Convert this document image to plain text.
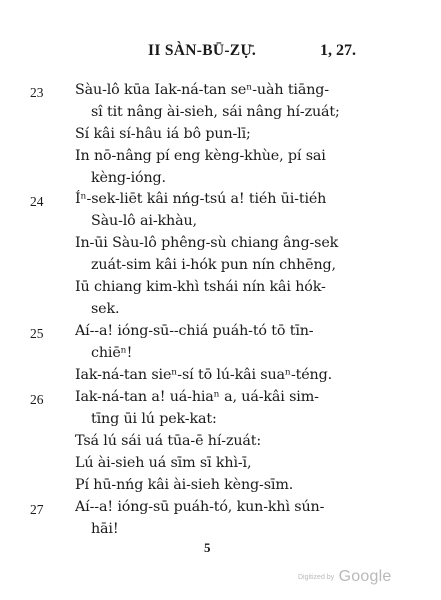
II SÀN-BŪ-ZỤ̄.	1, 27.
23 Sàu-lô kūa Iak-ná-tan seⁿ-uàh tiāng-
sî tit nâng ài-sieh, sái nâng hí-zuát;
Sí kâi sí-hâu iá bô pun-lī;
In nō-nâng pí eng kèng-khùe, pí sai
kèng-ióng.
24 Íⁿ-sek-liēt kâi nńg-tsú a! tiéh ūi-tiéh
Sàu-lô ai-khàu,
In-ūi Sàu-lô phêng-sù chiang âng-sek
zuát-sim kâi i-hók pun nín chhēng,
Iū chiang kim-khì tshái nín kâi hók-
sek.
25 Aí--a! ióng-sū--chiá puáh-tó tō tīn-
chiēⁿ!
Iak-ná-tan sieⁿ-sí tō lú-kâi suaⁿ-téng.
26 Iak-ná-tan a! uá-hiaⁿ a, uá-kâi sim-
tīng ūi lú pek-kat:
Tsá lú sái uá tūa-ē hí-zuát:
Lú ài-sieh uá sīm sī khì-ī,
Pí hū-nńg kâi ài-sieh kèng-sīm.
27 Aí--a! ióng-sū puáh-tó, kun-khì sún-
hāi!
5
Digitized by Google
